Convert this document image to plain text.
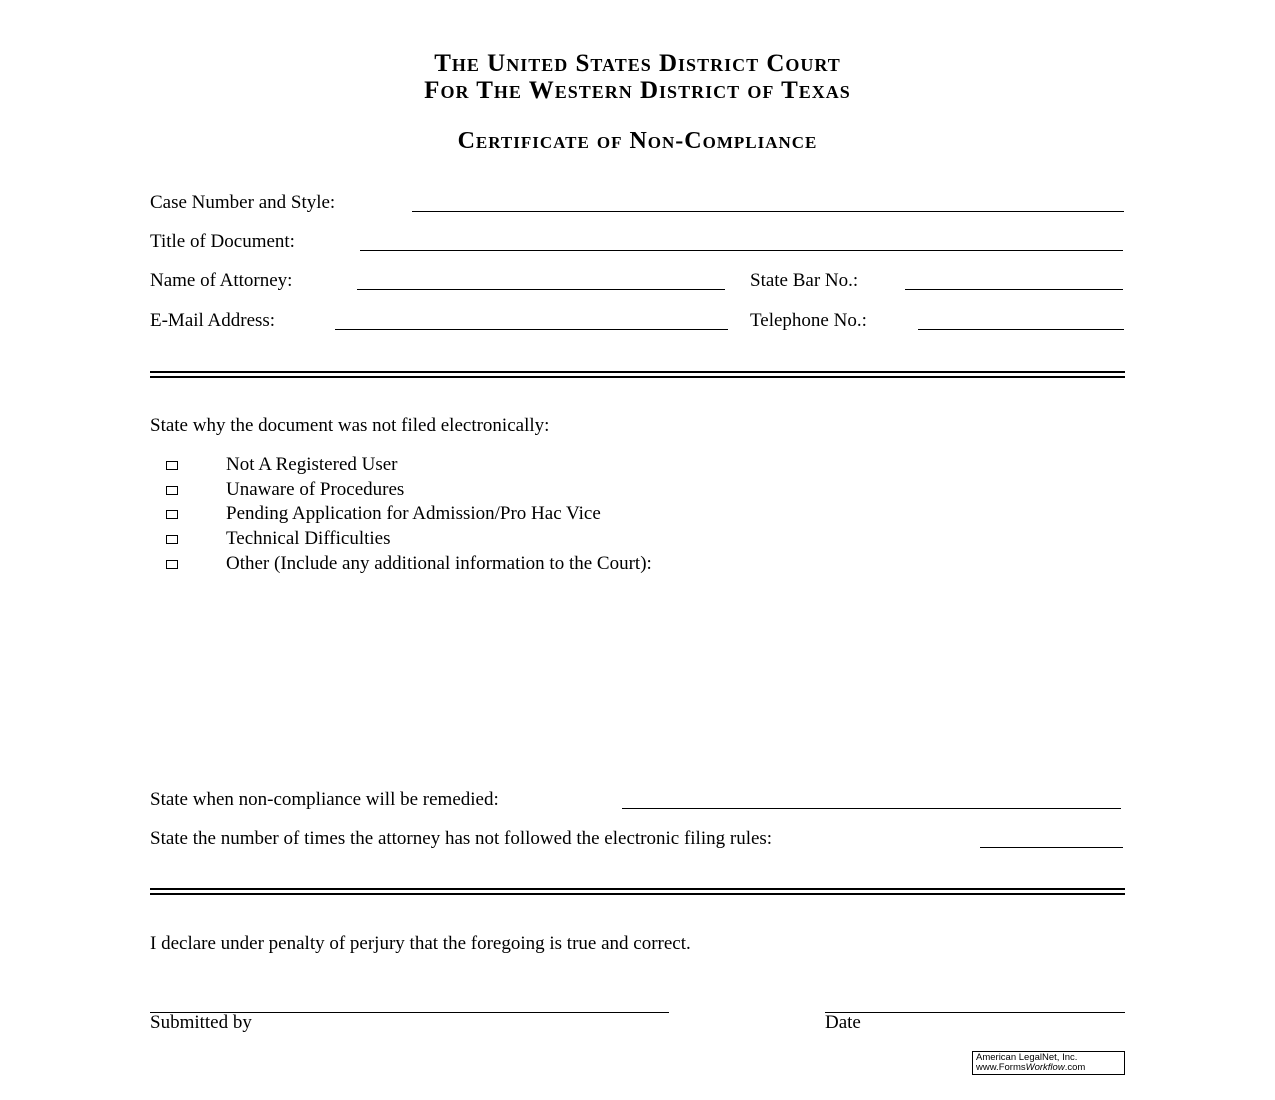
The United States District Court
For The Western District of Texas
Certificate of Non-Compliance
Case Number and Style:
Title of Document:
Name of Attorney:	State Bar No.:
E-Mail Address:	Telephone No.:
State why the document was not filed electronically:
Not A Registered User
Unaware of Procedures
Pending Application for Admission/Pro Hac Vice
Technical Difficulties
Other (Include any additional information to the Court):
State when non-compliance will be remedied:
State the number of times the attorney has not followed the electronic filing rules:
I declare under penalty of perjury that the foregoing is true and correct.
Submitted by	Date
American LegalNet, Inc.
www.FormsWorkflow.com
